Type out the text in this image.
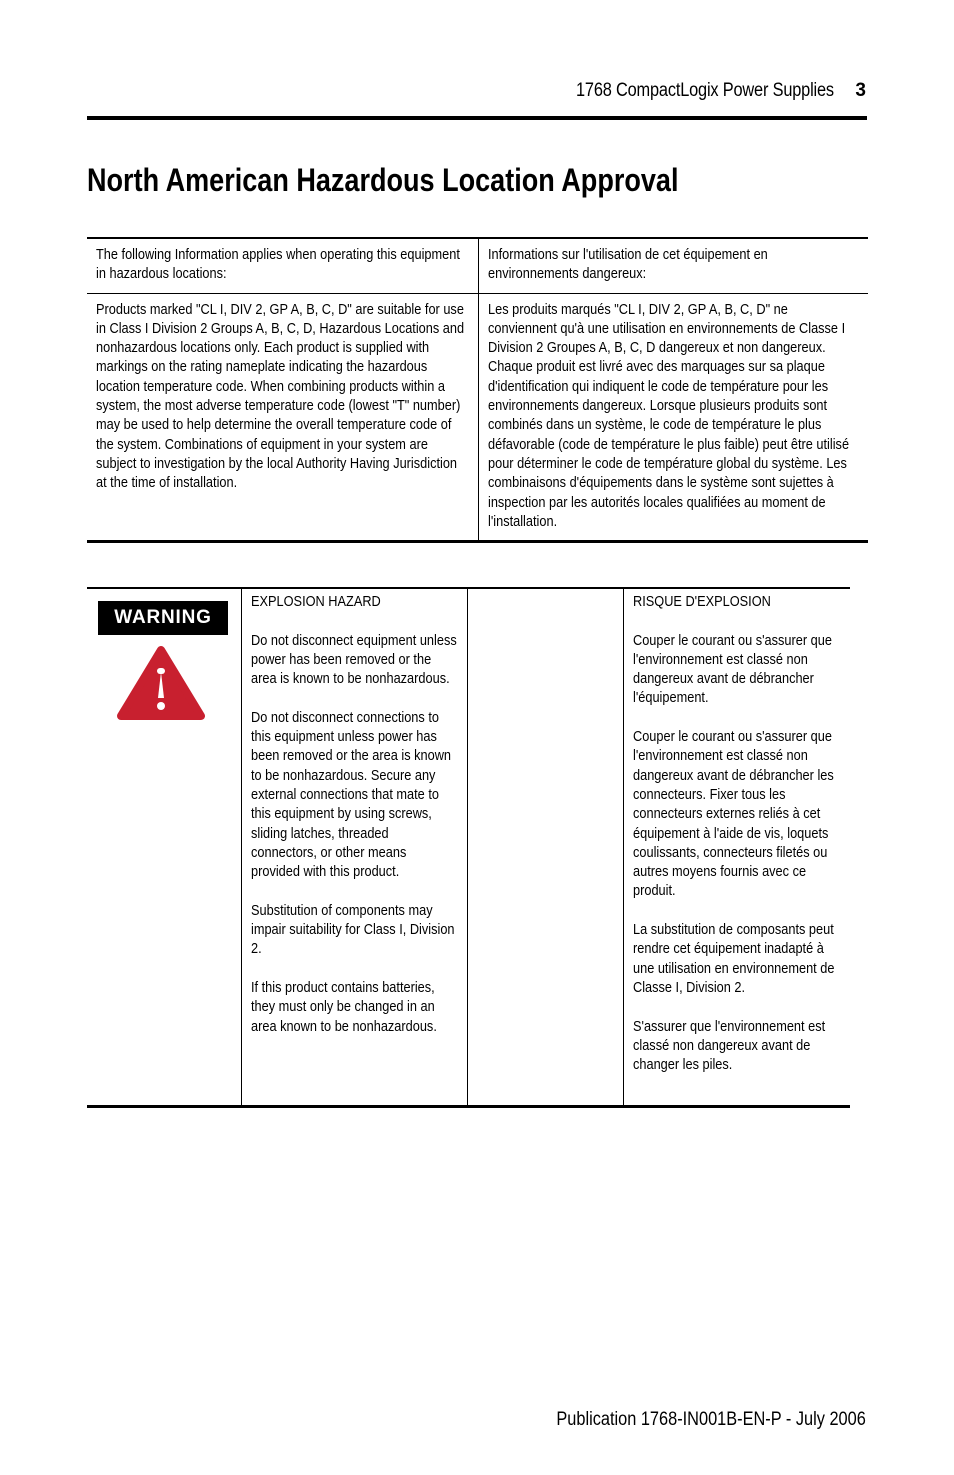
1768 CompactLogix Power Supplies 3
North American Hazardous Location Approval
The following Information applies when operating this equipment in hazardous locations:
Informations sur l'utilisation de cet équipement en environnements dangereux:
Products marked "CL I, DIV 2, GP A, B, C, D" are suitable for use in Class I Division 2 Groups A, B, C, D, Hazardous Locations and nonhazardous locations only. Each product is supplied with markings on the rating nameplate indicating the hazardous location temperature code. When combining products within a system, the most adverse temperature code (lowest "T" number) may be used to help determine the overall temperature code of the system. Combinations of equipment in your system are subject to investigation by the local Authority Having Jurisdiction at the time of installation.
Les produits marqués "CL I, DIV 2, GP A, B, C, D" ne conviennent qu'à une utilisation en environnements de Classe I Division 2 Groupes A, B, C, D dangereux et non dangereux. Chaque produit est livré avec des marquages sur sa plaque d'identification qui indiquent le code de température pour les environnements dangereux. Lorsque plusieurs produits sont combinés dans un système, le code de température le plus défavorable (code de température le plus faible) peut être utilisé pour déterminer le code de température global du système. Les combinaisons d'équipements dans le système sont sujettes à inspection par les autorités locales qualifiées au moment de l'installation.
WARNING

EXPLOSION HAZARD

Do not disconnect equipment unless power has been removed or the area is known to be nonhazardous.

Do not disconnect connections to this equipment unless power has been removed or the area is known to be nonhazardous. Secure any external connections that mate to this equipment by using screws, sliding latches, threaded connectors, or other means provided with this product.

Substitution of components may impair suitability for Class I, Division 2.

If this product contains batteries, they must only be changed in an area known to be nonhazardous.

RISQUE D'EXPLOSION

Couper le courant ou s'assurer que l'environnement est classé non dangereux avant de débrancher l'équipement.

Couper le courant ou s'assurer que l'environnement est classé non dangereux avant de débrancher les connecteurs. Fixer tous les connecteurs externes reliés à cet équipement à l'aide de vis, loquets coulissants, connecteurs filetés ou autres moyens fournis avec ce produit.

La substitution de composants peut rendre cet équipement inadapté à une utilisation en environnement de Classe I, Division 2.

S'assurer que l'environnement est classé non dangereux avant de changer les piles.

Publication 1768-IN001B-EN-P - July 2006
